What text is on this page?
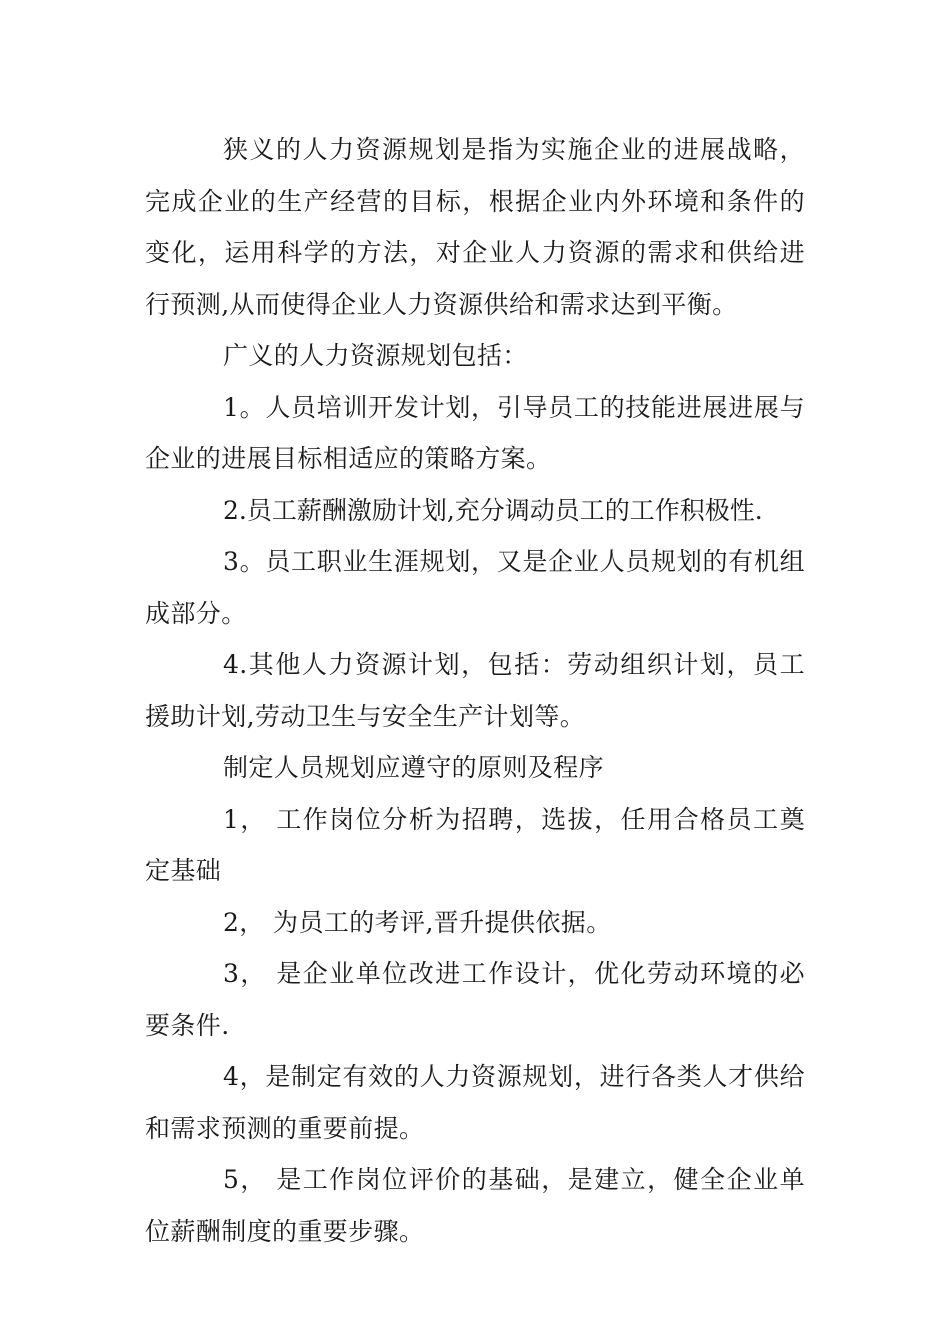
狭义的人力资源规划是指为实施企业的进展战略，完成企业的生产经营的目标，根据企业内外环境和条件的变化，运用科学的方法，对企业人力资源的需求和供给进行预测,从而使得企业人力资源供给和需求达到平衡。

广义的人力资源规划包括：

1。人员培训开发计划，引导员工的技能进展进展与企业的进展目标相适应的策略方案。

2.员工薪酬激励计划,充分调动员工的工作积极性.

3。员工职业生涯规划，又是企业人员规划的有机组成部分。

4.其他人力资源计划，包括：劳动组织计划，员工援助计划,劳动卫生与安全生产计划等。

制定人员规划应遵守的原则及程序

1， 工作岗位分析为招聘，选拔，任用合格员工奠定基础

2， 为员工的考评,晋升提供依据。

3， 是企业单位改进工作设计，优化劳动环境的必要条件.

4，是制定有效的人力资源规划，进行各类人才供给和需求预测的重要前提。

5， 是工作岗位评价的基础，是建立，健全企业单位薪酬制度的重要步骤。
